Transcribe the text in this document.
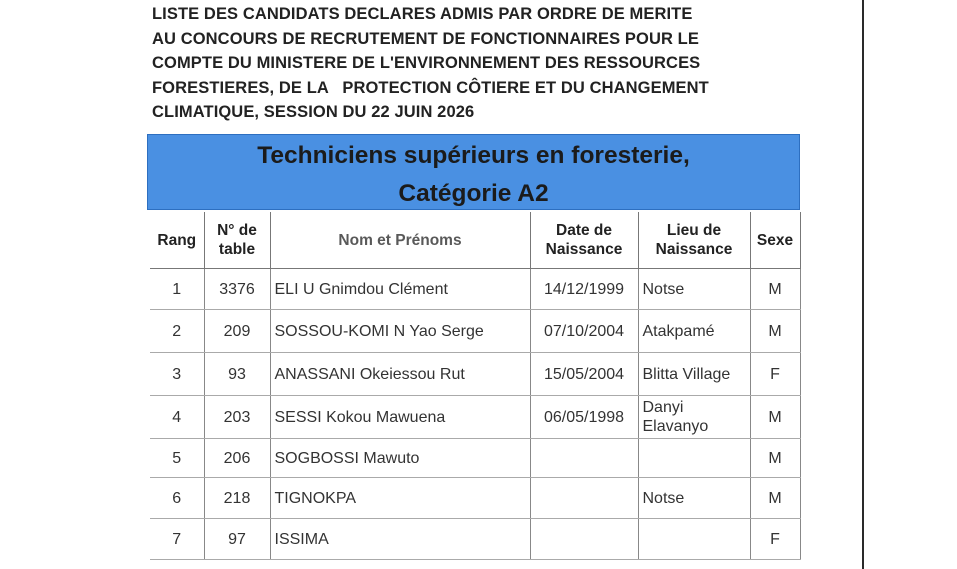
LISTE DES CANDIDATS DECLARES ADMIS PAR ORDRE DE MERITE
AU CONCOURS DE RECRUTEMENT DE FONCTIONNAIRES POUR LE
COMPTE DU MINISTERE DE L'ENVIRONNEMENT DES RESSOURCES
FORESTIERES, DE LA   PROTECTION CÔTIERE ET DU CHANGEMENT
CLIMATIQUE, SESSION DU 22 JUIN 2026
Techniciens supérieurs en foresterie,
Catégorie A2
Rang	N° de table	Nom et Prénoms	Date de Naissance	Lieu de Naissance	Sexe
1	3376	ELI U Gnimdou Clément	14/12/1999	Notse	M
2	209	SOSSOU-KOMI N Yao Serge	07/10/2004	Atakpamé	M
3	93	ANASSANI Okeiessou Rut	15/05/2004	Blitta Village	F
4	203	SESSI Kokou Mawuena	06/05/1998	Danyi Elavanyo	M
5	206	SOGBOSSI Mawuto			M
6	218	TIGNOKPA		Notse	M
7	97	ISSIMA			F
